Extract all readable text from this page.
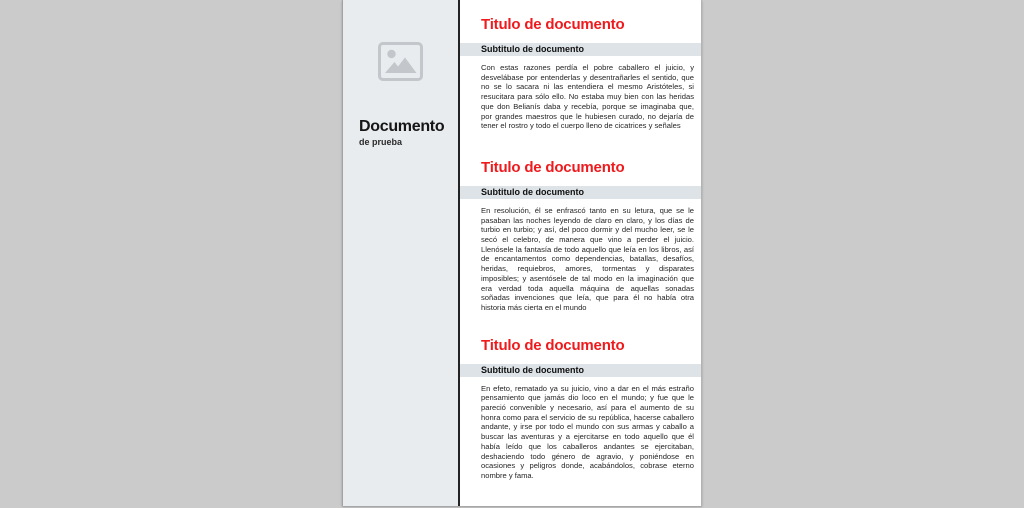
Documento
de prueba
Titulo de documento
Subtitulo de documento

Con estas razones perdía el pobre caballero el juicio, y desvelábase por entenderlas y desentrañarles el sentido, que no se lo sacara ni las entendiera el mesmo Aristóteles, si resucitara para sólo ello. No estaba muy bien con las heridas que don Belianís daba y recebía, porque se imaginaba que, por grandes maestros que le hubiesen curado, no dejaría de tener el rostro y todo el cuerpo lleno de cicatrices y señales

Titulo de documento
Subtitulo de documento

En resolución, él se enfrascó tanto en su letura, que se le pasaban las noches leyendo de claro en claro, y los días de turbio en turbio; y así, del poco dormir y del mucho leer, se le secó el celebro, de manera que vino a perder el juicio. Llenósele la fantasía de todo aquello que leía en los libros, así de encantamentos como dependencias, batallas, desafíos, heridas, requiebros, amores, tormentas y disparates imposibles; y asentósele de tal modo en la imaginación que era verdad toda aquella máquina de aquellas sonadas soñadas invenciones que leía, que para él no había otra historia más cierta en el mundo

Titulo de documento
Subtitulo de documento

En efeto, rematado ya su juicio, vino a dar en el más estraño pensamiento que jamás dio loco en el mundo; y fue que le pareció convenible y necesario, así para el aumento de su honra como para el servicio de su república, hacerse caballero andante, y irse por todo el mundo con sus armas y caballo a buscar las aventuras y a ejercitarse en todo aquello que él había leído que los caballeros andantes se ejercitaban, deshaciendo todo género de agravio, y poniéndose en ocasiones y peligros donde, acabándolos, cobrase eterno nombre y fama.
